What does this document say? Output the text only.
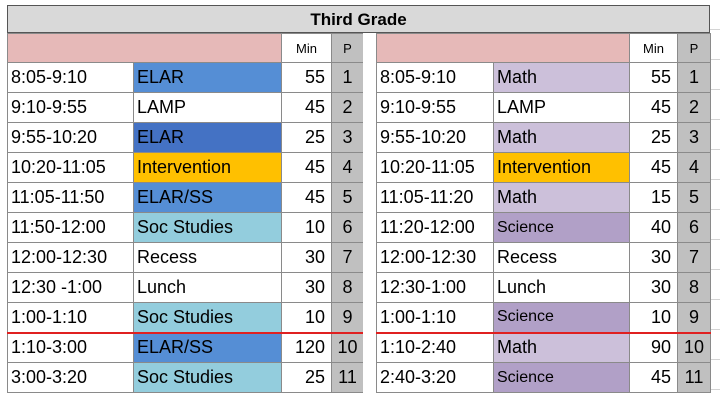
Third Grade
		Min	P
8:05-9:10	ELAR	55	1
9:10-9:55	LAMP	45	2
9:55-10:20	ELAR	25	3
10:20-11:05	Intervention	45	4
11:05-11:50	ELAR/SS	45	5
11:50-12:00	Soc Studies	10	6
12:00-12:30	Recess	30	7
12:30 -1:00	Lunch	30	8
1:00-1:10	Soc Studies	10	9
1:10-3:00	ELAR/SS	120	10
3:00-3:20	Soc Studies	25	11
		Min	P
8:05-9:10	Math	55	1
9:10-9:55	LAMP	45	2
9:55-10:20	Math	25	3
10:20-11:05	Intervention	45	4
11:05-11:20	Math	15	5
11:20-12:00	Science	40	6
12:00-12:30	Recess	30	7
12:30-1:00	Lunch	30	8
1:00-1:10	Science	10	9
1:10-2:40	Math	90	10
2:40-3:20	Science	45	11
